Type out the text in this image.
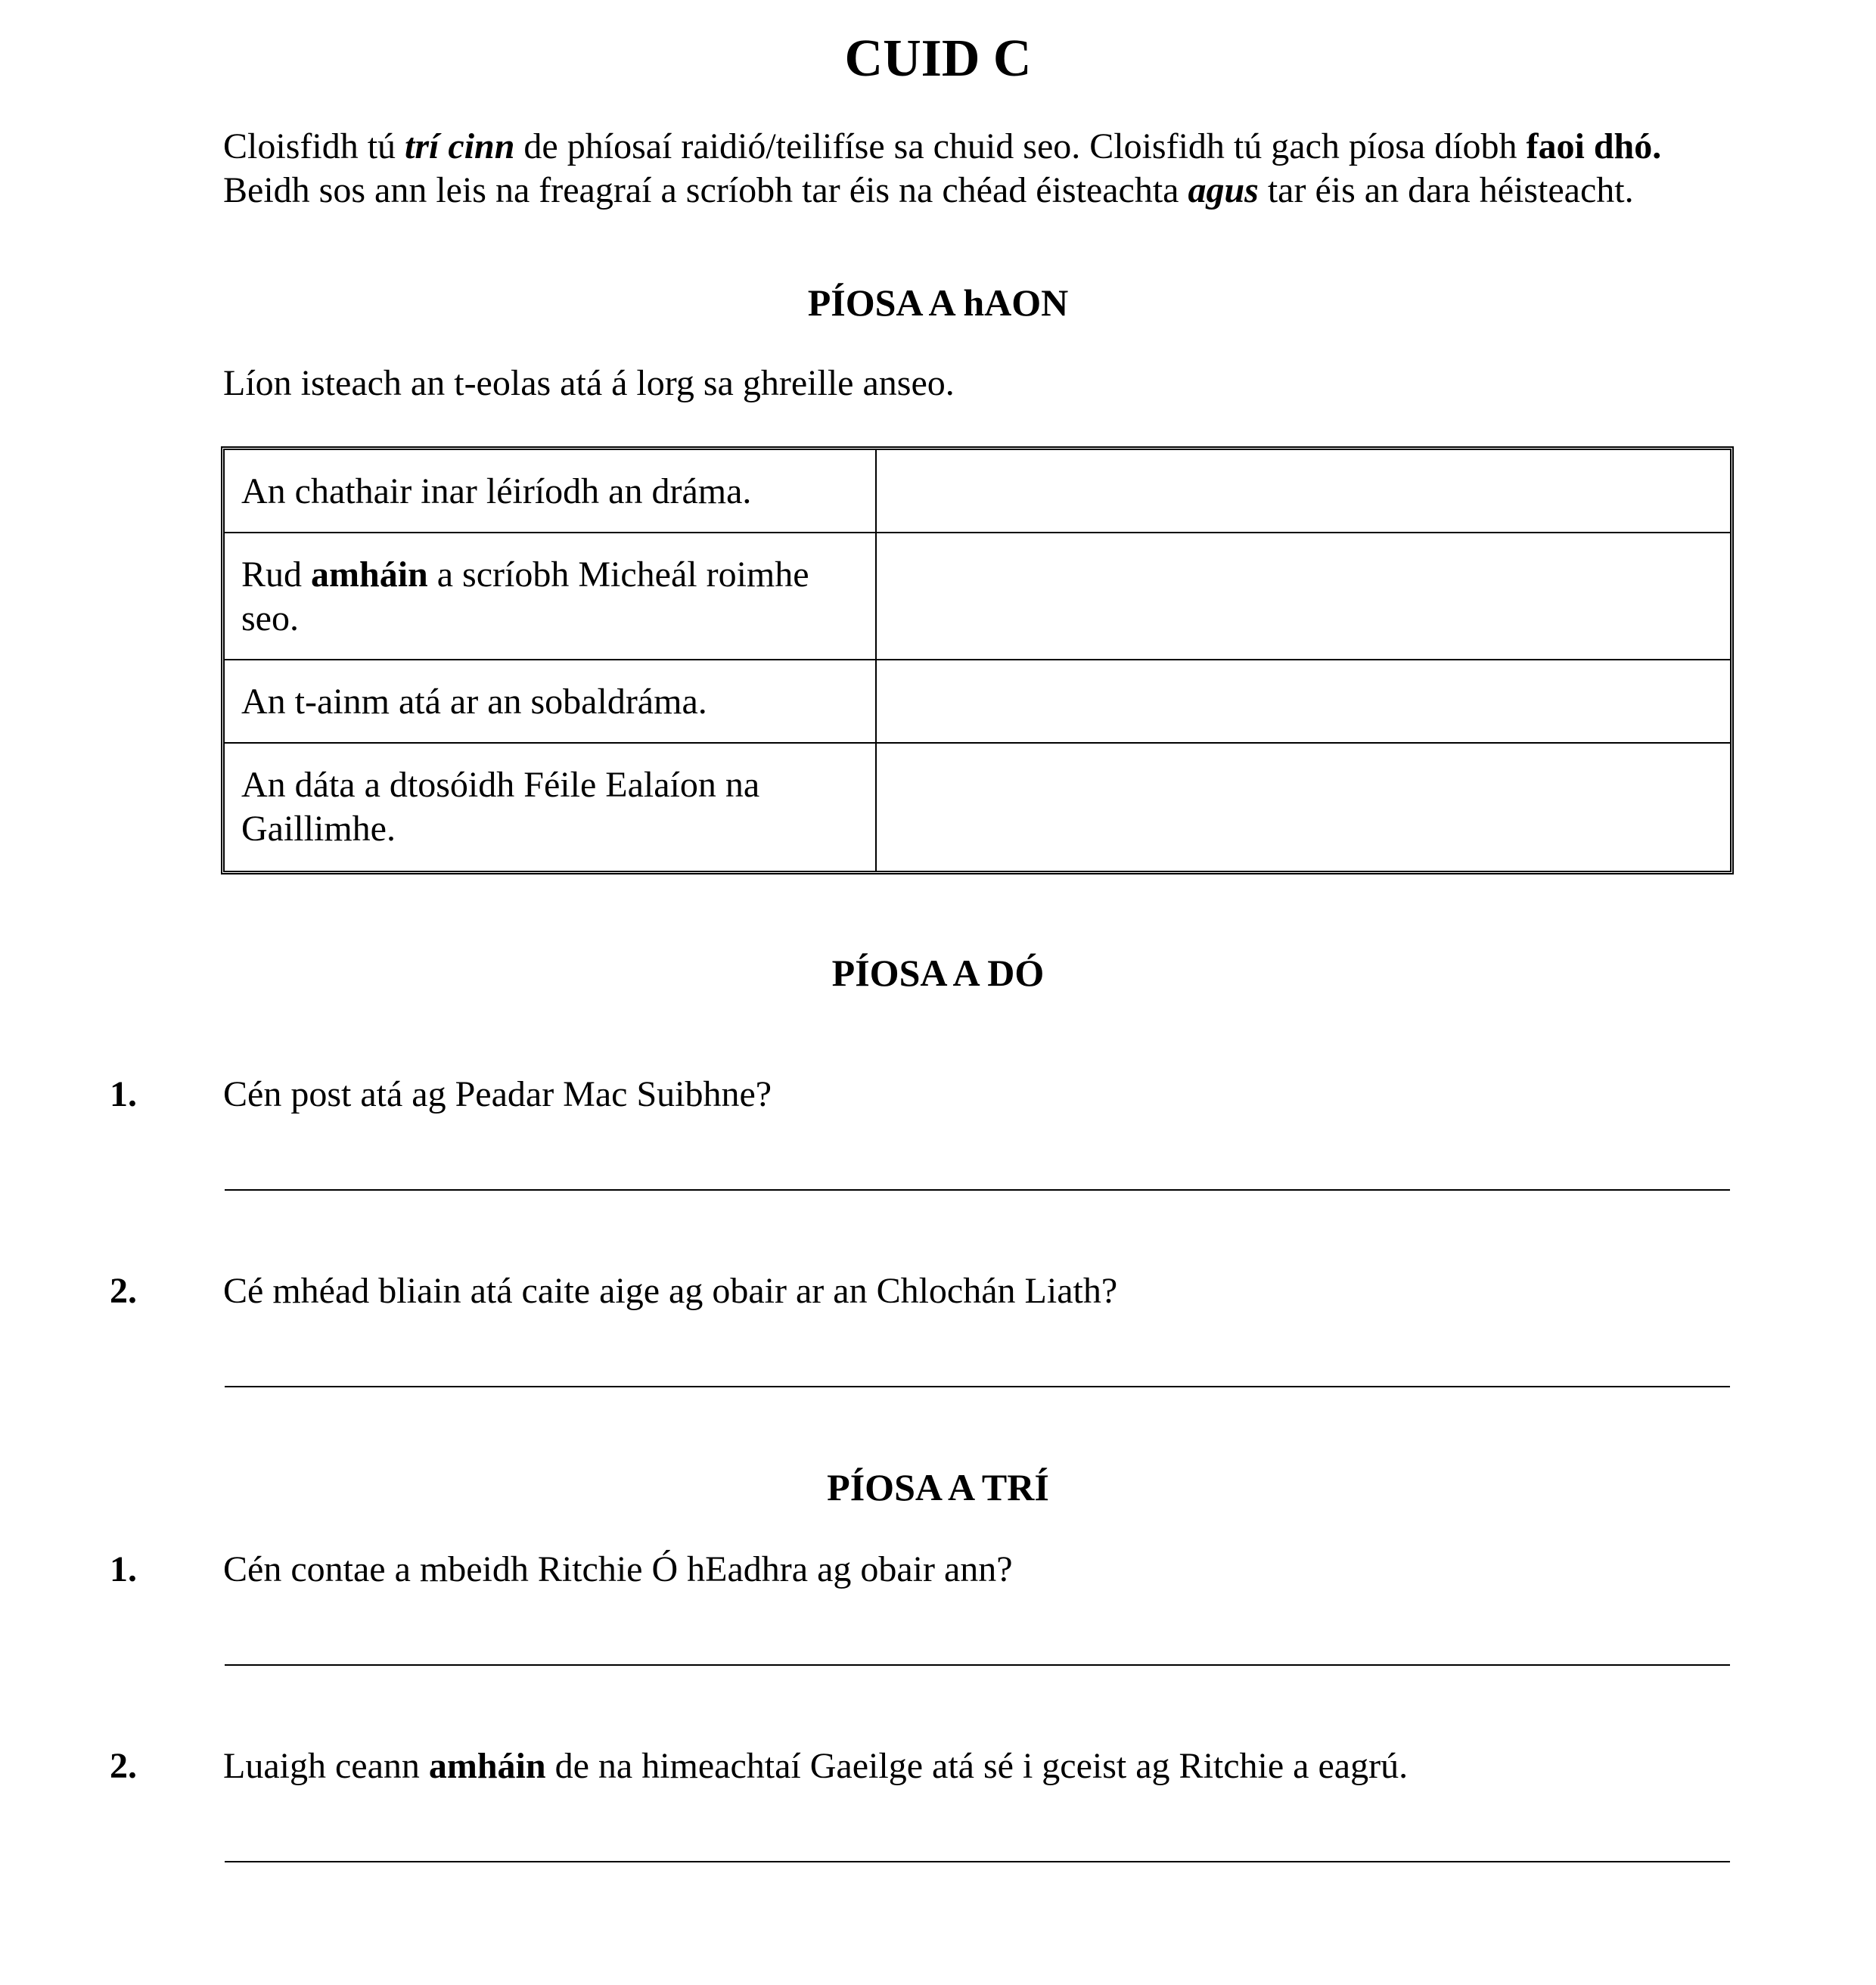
CUID C
Cloisfidh tú trí cinn de phíosaí raidió/teilifíse sa chuid seo. Cloisfidh tú gach píosa díobh faoi dhó.
Beidh sos ann leis na freagraí a scríobh tar éis na chéad éisteachta agus tar éis an dara héisteacht.
PÍOSA A hAON
Líon isteach an t-eolas atá á lorg sa ghreille anseo.
An chathair inar léiríodh an dráma.	
Rud amháin a scríobh Micheál roimhe seo.	
An t-ainm atá ar an sobaldráma.	
An dáta a dtosóidh Féile Ealaíon na Gaillimhe.	
PÍOSA A DÓ
1. Cén post atá ag Peadar Mac Suibhne?
2. Cé mhéad bliain atá caite aige ag obair ar an Chlochán Liath?
PÍOSA A TRÍ
1. Cén contae a mbeidh Ritchie Ó hEadhra ag obair ann?
2. Luaigh ceann amháin de na himeachtaí Gaeilge atá sé i gceist ag Ritchie a eagrú.
